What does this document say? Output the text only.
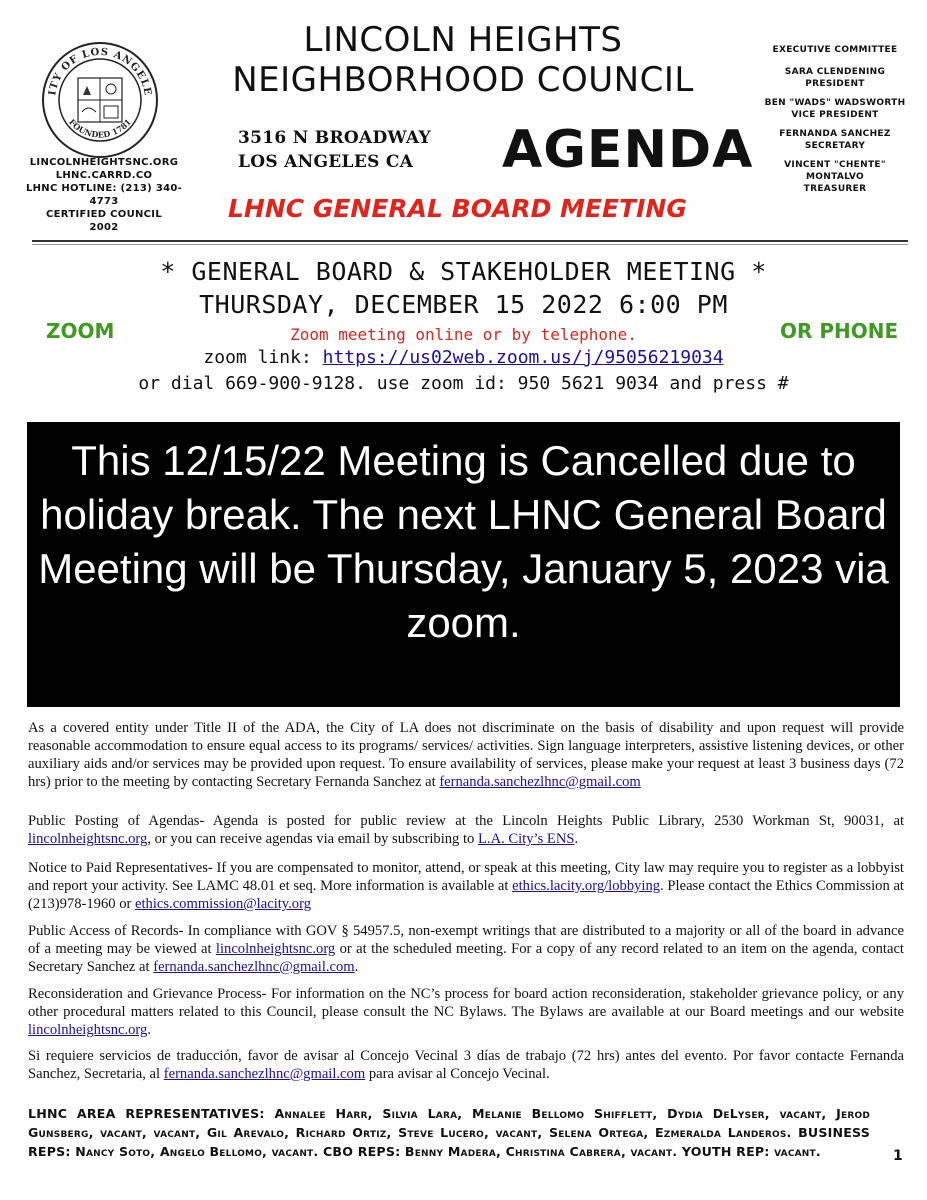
ITY OF LOS ANGELE
FOUNDED 1781
LINCOLNHEIGHTSNC.ORG
LHNC.CARRD.CO
LHNC HOTLINE: (213) 340-4773
CERTIFIED COUNCIL
2002
LINCOLN HEIGHTS
NEIGHBORHOOD COUNCIL
3516 N BROADWAY
LOS ANGELES CA	AGENDA
LHNC GENERAL BOARD MEETING
EXECUTIVE COMMITTEE
SARA CLENDENING
PRESIDENT
BEN "WADS" WADSWORTH
VICE PRESIDENT
FERNANDA SANCHEZ
SECRETARY
VINCENT "CHENTE" MONTALVO
TREASURER
* GENERAL BOARD & STAKEHOLDER MEETING *
THURSDAY, DECEMBER 15 2022 6:00 PM
ZOOM	OR PHONE
Zoom meeting online or by telephone.
zoom link: https://us02web.zoom.us/j/95056219034
or dial 669-900-9128. use zoom id: 950 5621 9034 and press #
This 12/15/22 Meeting is Cancelled due to holiday break. The next LHNC General Board Meeting will be Thursday, January 5, 2023 via zoom.
As a covered entity under Title II of the ADA, the City of LA does not discriminate on the basis of disability and upon request will provide reasonable accommodation to ensure equal access to its programs/ services/ activities. Sign language interpreters, assistive listening devices, or other auxiliary aids and/or services may be provided upon request. To ensure availability of services, please make your request at least 3 business days (72 hrs) prior to the meeting by contacting Secretary Fernanda Sanchez at fernanda.sanchezlhnc@gmail.com
Public Posting of Agendas- Agenda is posted for public review at the Lincoln Heights Public Library, 2530 Workman St, 90031, at lincolnheightsnc.org, or you can receive agendas via email by subscribing to L.A. City’s ENS.
Notice to Paid Representatives- If you are compensated to monitor, attend, or speak at this meeting, City law may require you to register as a lobbyist and report your activity. See LAMC 48.01 et seq. More information is available at ethics.lacity.org/lobbying. Please contact the Ethics Commission at (213)978-1960 or ethics.commission@lacity.org
Public Access of Records- In compliance with GOV § 54957.5, non-exempt writings that are distributed to a majority or all of the board in advance of a meeting may be viewed at lincolnheightsnc.org or at the scheduled meeting. For a copy of any record related to an item on the agenda, contact Secretary Sanchez at fernanda.sanchezlhnc@gmail.com.
Reconsideration and Grievance Process- For information on the NC’s process for board action reconsideration, stakeholder grievance policy, or any other procedural matters related to this Council, please consult the NC Bylaws. The Bylaws are available at our Board meetings and our website lincolnheightsnc.org.
Si requiere servicios de traducción, favor de avisar al Concejo Vecinal 3 días de trabajo (72 hrs) antes del evento. Por favor contacte Fernanda Sanchez, Secretaria, al fernanda.sanchezlhnc@gmail.com para avisar al Concejo Vecinal.
LHNC AREA REPRESENTATIVES: Annalee Harr, Silvia Lara, Melanie Bellomo Shifflett, Dydia DeLyser, vacant, Jerod Gunsberg, vacant, vacant, Gil Arevalo, Richard Ortiz, Steve Lucero, vacant, Selena Ortega, Ezmeralda Landeros. BUSINESS REPS: Nancy Soto, Angelo Bellomo, vacant. CBO REPS: Benny Madera, Christina Cabrera, vacant. YOUTH REP: vacant.	1
